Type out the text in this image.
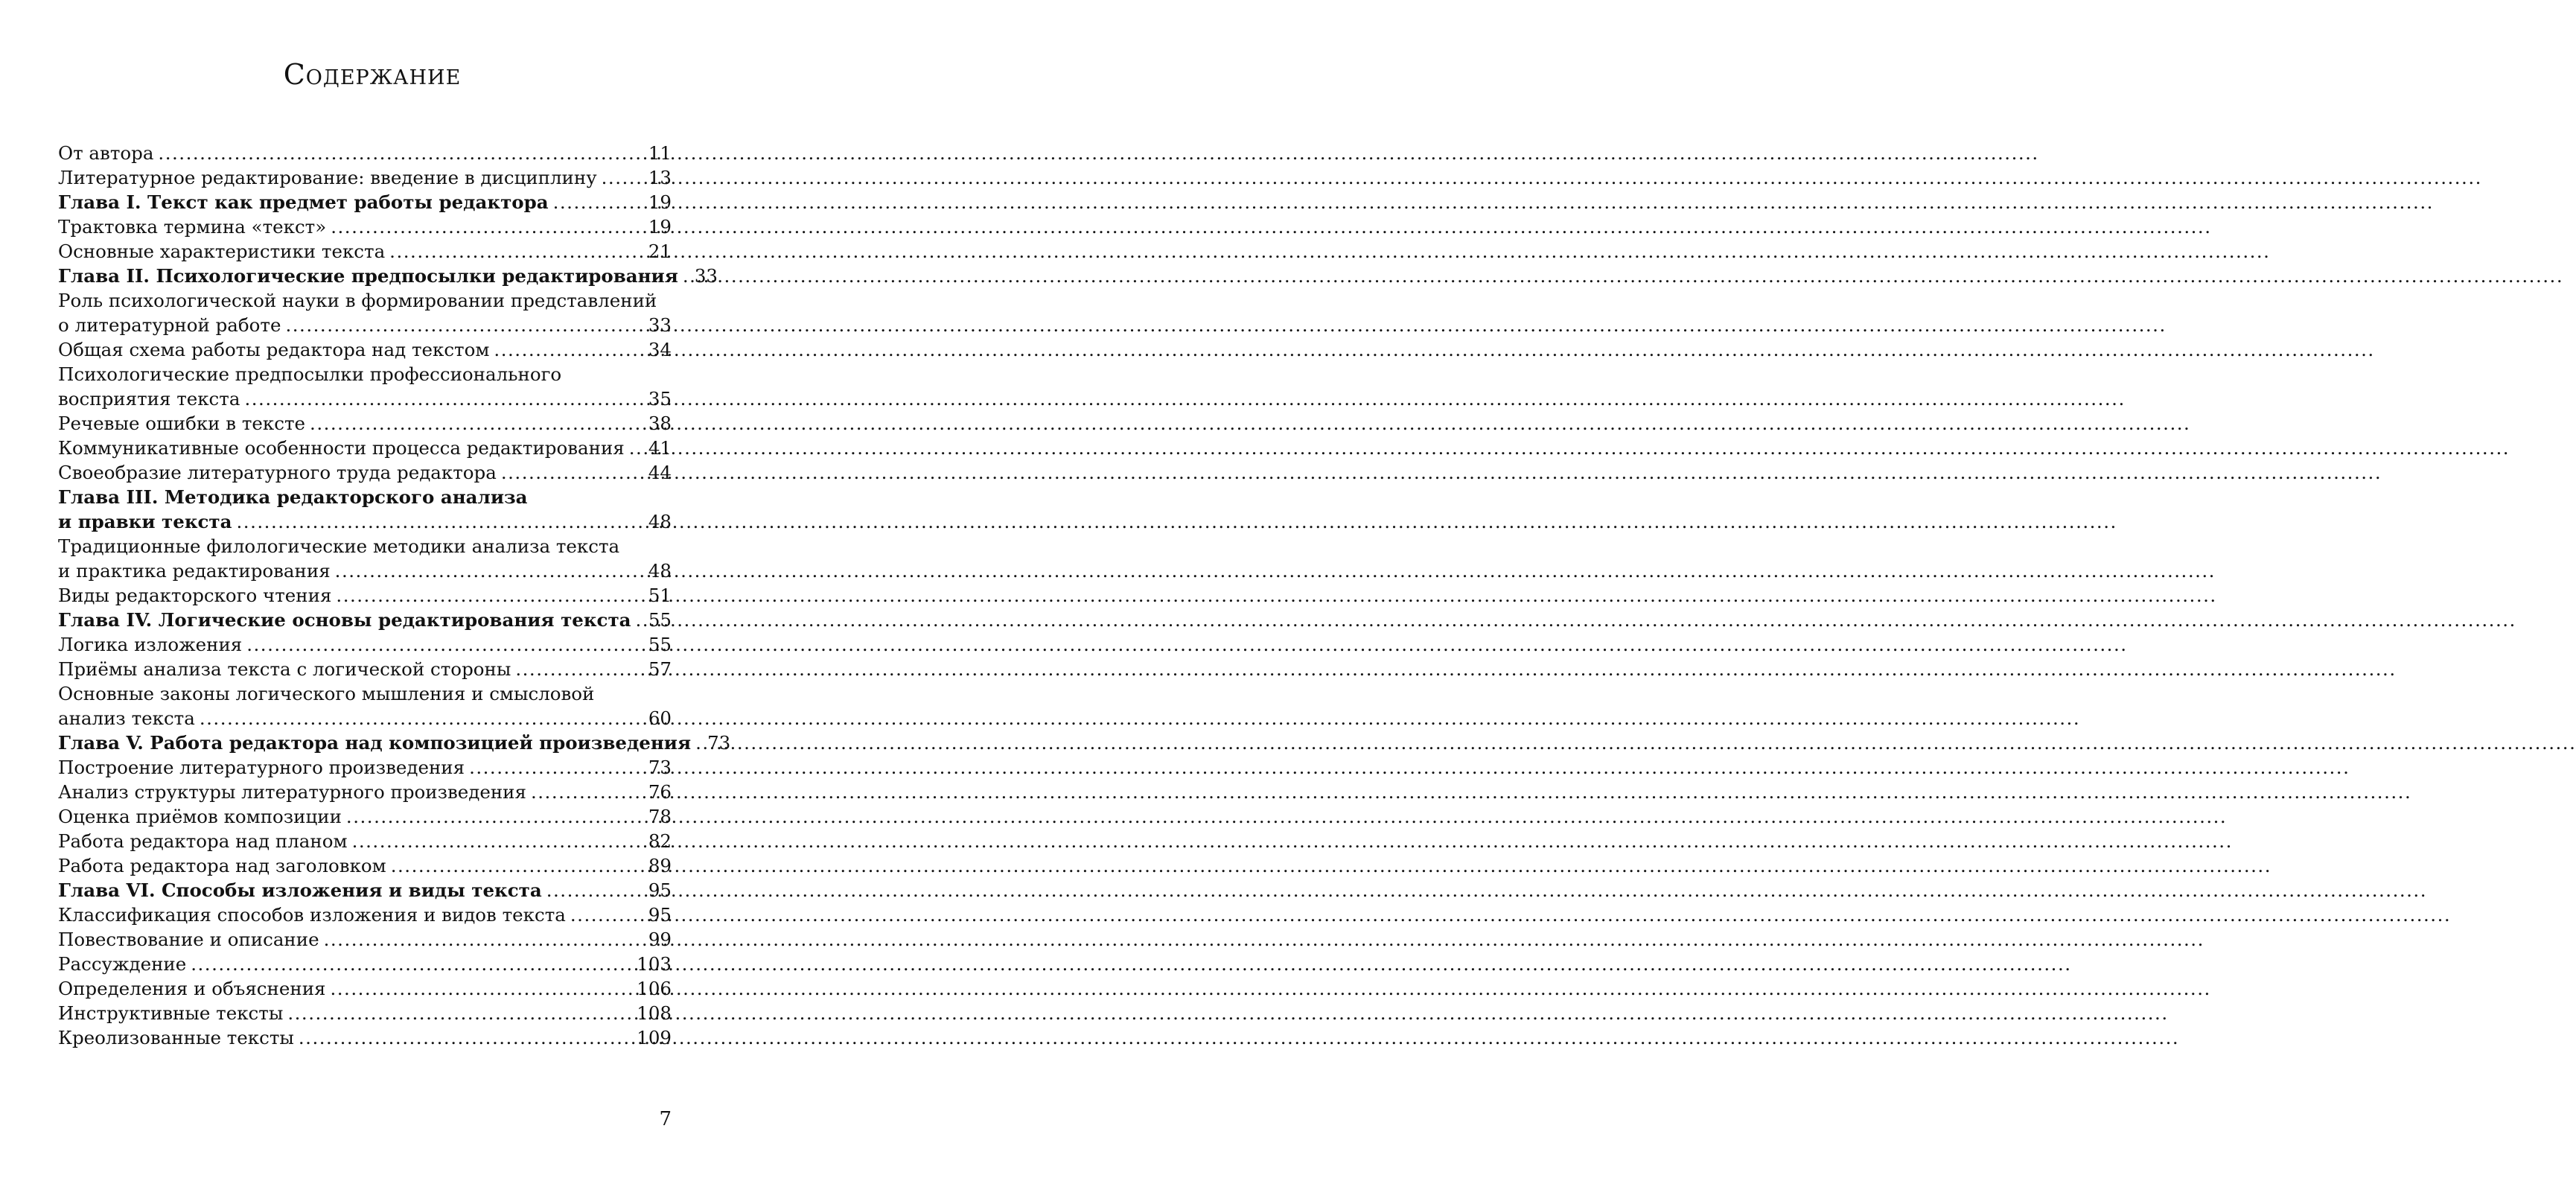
Содержание
От автора .....	11
Литературное редактирование: введение в дисциплину .....	13
Глава I. Текст как предмет работы редактора .....	19
Трактовка термина «текст» .....	19
Основные характеристики текста .....	21
Глава II. Психологические предпосылки редактирования ..... 33
Роль психологической науки в формировании представлений
о литературной работе .....	33
Общая схема работы редактора над текстом .....	34
Психологические предпосылки профессионального
восприятия текста .....	35
Речевые ошибки в тексте .....	38
Коммуникативные особенности процесса редактирования ..... 41
Своеобразие литературного труда редактора .....	44
Глава III. Методика редакторского анализа
и правки текста .....	48
Традиционные филологические методики анализа текста
и практика редактирования .....	48
Виды редакторского чтения .....	51
Глава IV. Логические основы редактирования текста ..... 55
Логика изложения .....	55
Приёмы анализа текста с логической стороны .....	57
Основные законы логического мышления и смысловой
анализ текста .....	60
Глава V. Работа редактора над композицией произведения ..... 73
Построение литературного произведения .....	73
Анализ структуры литературного произведения .....	76
Оценка приёмов композиции .....	78
Работа редактора над планом .....	82
Работа редактора над заголовком .....	89
Глава VI. Способы изложения и виды текста .....	95
Классификация способов изложения и видов текста .....	95
Повествование и описание .....	99
Рассуждение .....	103
Определения и объяснения .....	106
Инструктивные тексты .....	108
Креолизованные тексты .....	109
7
